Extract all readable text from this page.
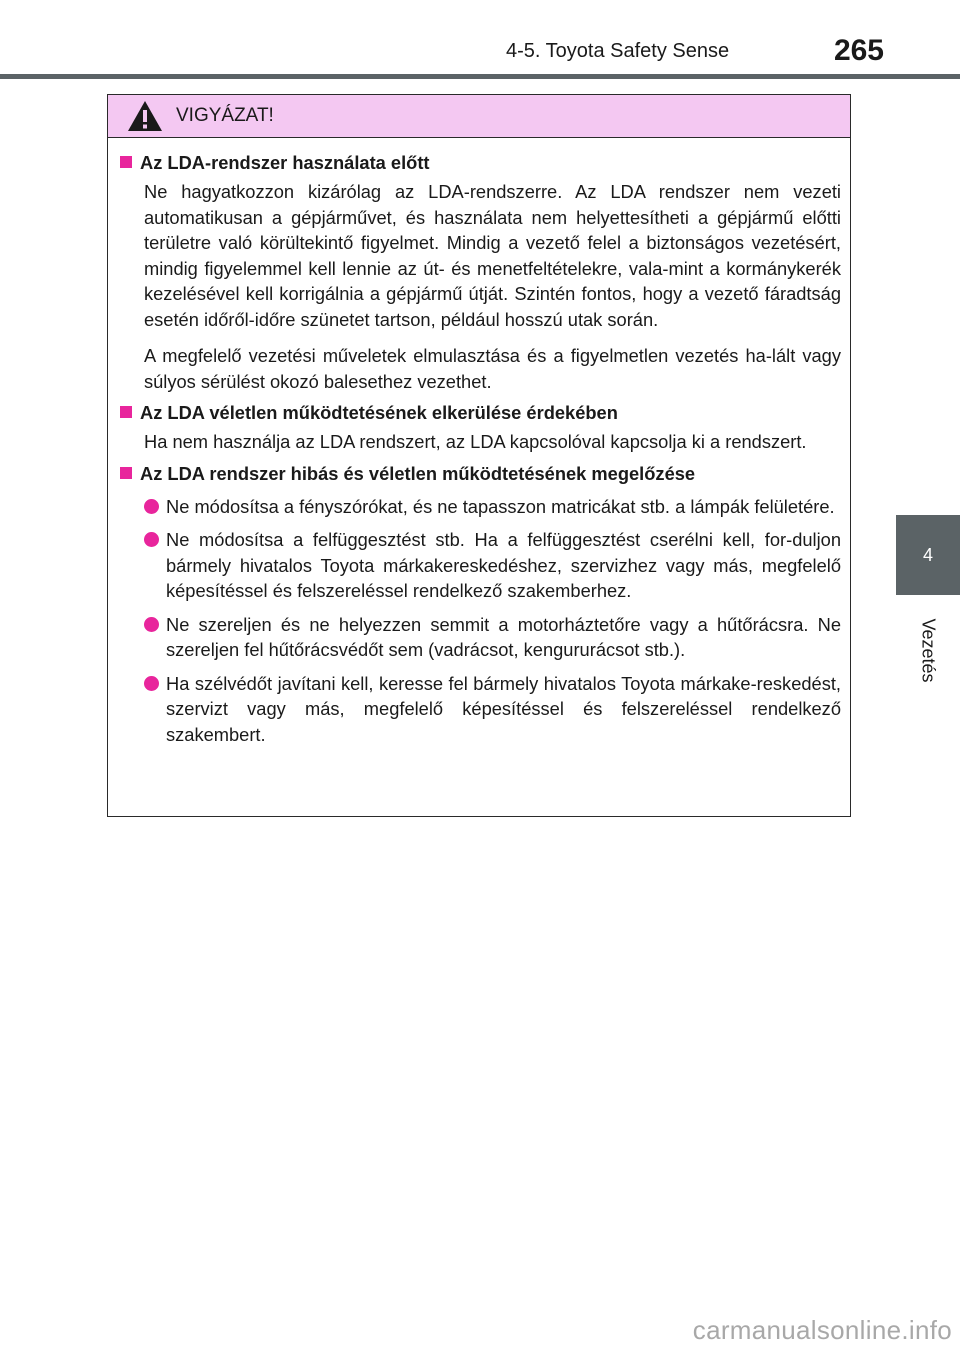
4-5. Toyota Safety Sense	265
4
Vezetés
VIGYÁZAT!
Az LDA-rendszer használata előtt
Ne hagyatkozzon kizárólag az LDA-rendszerre. Az LDA rendszer nem vezeti automatikusan a gépjárművet, és használata nem helyettesítheti a gépjármű előtti területre való körültekintő figyelmet. Mindig a vezető felel a biztonságos vezetésért, mindig figyelemmel kell lennie az út- és menetfeltételekre, vala-mint a kormánykerék kezelésével kell korrigálnia a gépjármű útját. Szintén fontos, hogy a vezető fáradtság esetén időről-időre szünetet tartson, például hosszú utak során.
A megfelelő vezetési műveletek elmulasztása és a figyelmetlen vezetés ha-lált vagy súlyos sérülést okozó balesethez vezethet.
Az LDA véletlen működtetésének elkerülése érdekében
Ha nem használja az LDA rendszert, az LDA kapcsolóval kapcsolja ki a rendszert.
Az LDA rendszer hibás és véletlen működtetésének megelőzése
Ne módosítsa a fényszórókat, és ne tapasszon matricákat stb. a lámpák felületére.
Ne módosítsa a felfüggesztést stb. Ha a felfüggesztést cserélni kell, for-duljon bármely hivatalos Toyota márkakereskedéshez, szervizhez vagy más, megfelelő képesítéssel és felszereléssel rendelkező szakemberhez.
Ne szereljen és ne helyezzen semmit a motorháztetőre vagy a hűtőrácsra. Ne szereljen fel hűtőrácsvédőt sem (vadrácsot, kengururácsot stb.).
Ha szélvédőt javítani kell, keresse fel bármely hivatalos Toyota márkake-reskedést, szervizt vagy más, megfelelő képesítéssel és felszereléssel rendelkező szakembert.
carmanualsonline.info
